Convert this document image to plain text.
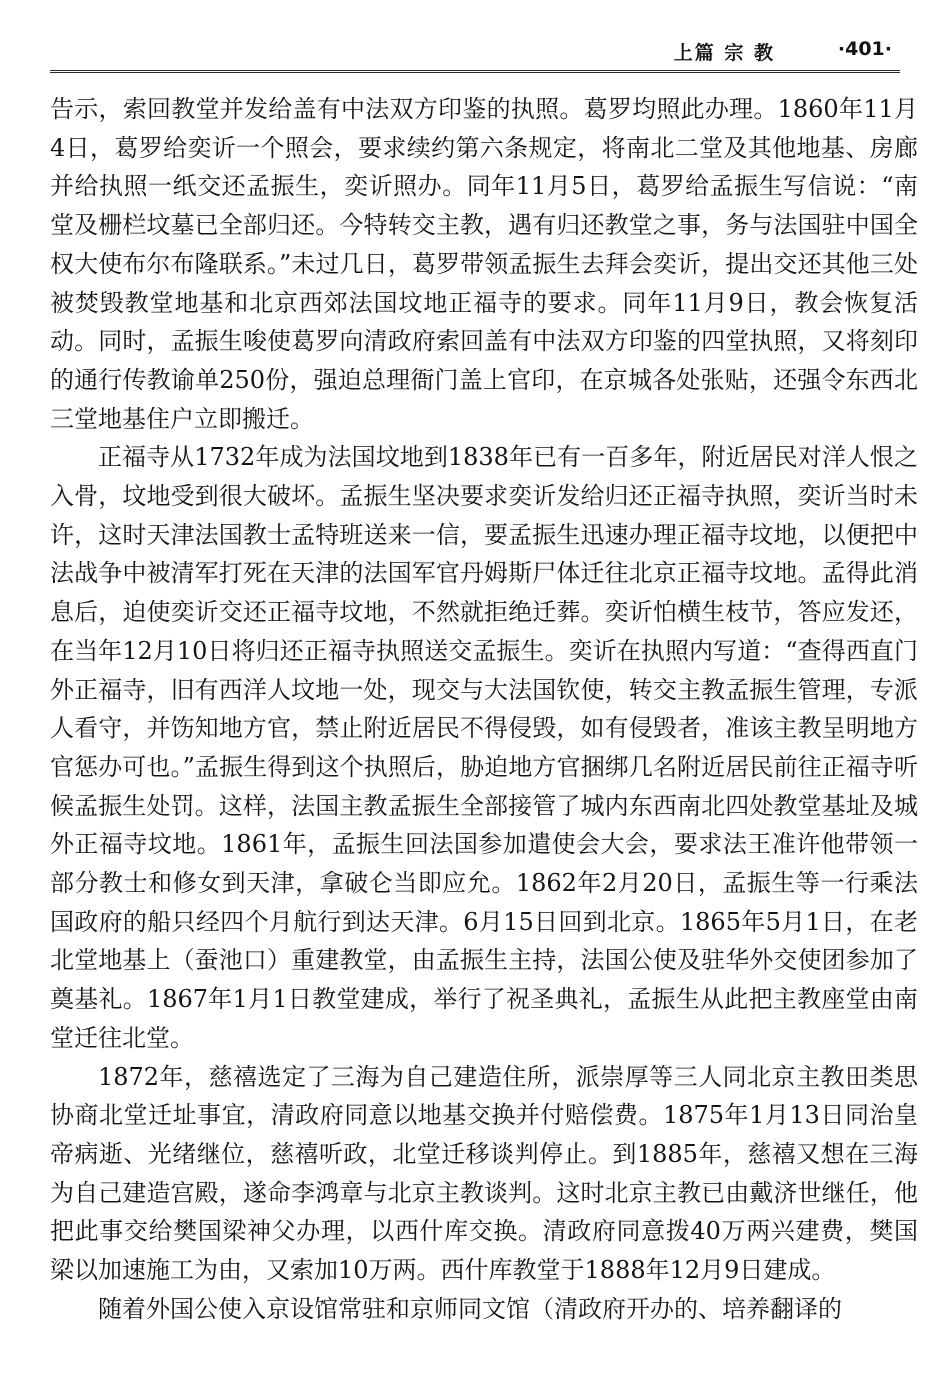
上篇 宗 教	·401·

告示，索回教堂并发给盖有中法双方印鉴的执照。葛罗均照此办理。1860年11月4日，葛罗给奕䜣一个照会，要求续约第六条规定，将南北二堂及其他地基、房廊并给执照一纸交还孟振生，奕䜣照办。同年11月5日，葛罗给孟振生写信说：“南堂及栅栏坟墓已全部归还。今特转交主教，遇有归还教堂之事，务与法国驻中国全权大使布尔布隆联系。”未过几日，葛罗带领孟振生去拜会奕䜣，提出交还其他三处被焚毁教堂地基和北京西郊法国坟地正福寺的要求。同年11月9日，教会恢复活动。同时，孟振生唆使葛罗向清政府索回盖有中法双方印鉴的四堂执照，又将刻印的通行传教谕单250份，强迫总理衙门盖上官印，在京城各处张贴，还强令东西北三堂地基住户立即搬迁。

正福寺从1732年成为法国坟地到1838年已有一百多年，附近居民对洋人恨之入骨，坟地受到很大破坏。孟振生坚决要求奕䜣发给归还正福寺执照，奕䜣当时未许，这时天津法国教士孟特班送来一信，要孟振生迅速办理正福寺坟地，以便把中法战争中被清军打死在天津的法国军官丹姆斯尸体迁往北京正福寺坟地。孟得此消息后，迫使奕䜣交还正福寺坟地，不然就拒绝迁葬。奕䜣怕横生枝节，答应发还，在当年12月10日将归还正福寺执照送交孟振生。奕䜣在执照内写道：“查得西直门外正福寺，旧有西洋人坟地一处，现交与大法国钦使，转交主教孟振生管理，专派人看守，并饬知地方官，禁止附近居民不得侵毁，如有侵毁者，准该主教呈明地方官惩办可也。”孟振生得到这个执照后，胁迫地方官捆绑几名附近居民前往正福寺听候孟振生处罚。这样，法国主教孟振生全部接管了城内东西南北四处教堂基址及城外正福寺坟地。1861年，孟振生回法国参加遣使会大会，要求法王准许他带领一部分教士和修女到天津，拿破仑当即应允。1862年2月20日，孟振生等一行乘法国政府的船只经四个月航行到达天津。6月15日回到北京。1865年5月1日，在老北堂地基上（蚕池口）重建教堂，由孟振生主持，法国公使及驻华外交使团参加了奠基礼。1867年1月1日教堂建成，举行了祝圣典礼，孟振生从此把主教座堂由南堂迁往北堂。

1872年，慈禧选定了三海为自己建造住所，派崇厚等三人同北京主教田类思协商北堂迁址事宜，清政府同意以地基交换并付赔偿费。1875年1月13日同治皇帝病逝、光绪继位，慈禧听政，北堂迁移谈判停止。到1885年，慈禧又想在三海为自己建造宫殿，遂命李鸿章与北京主教谈判。这时北京主教已由戴济世继任，他把此事交给樊国梁神父办理，以西什库交换。清政府同意拨40万两兴建费，樊国梁以加速施工为由，又索加10万两。西什库教堂于1888年12月9日建成。

随着外国公使入京设馆常驻和京师同文馆（清政府开办的、培养翻译的
